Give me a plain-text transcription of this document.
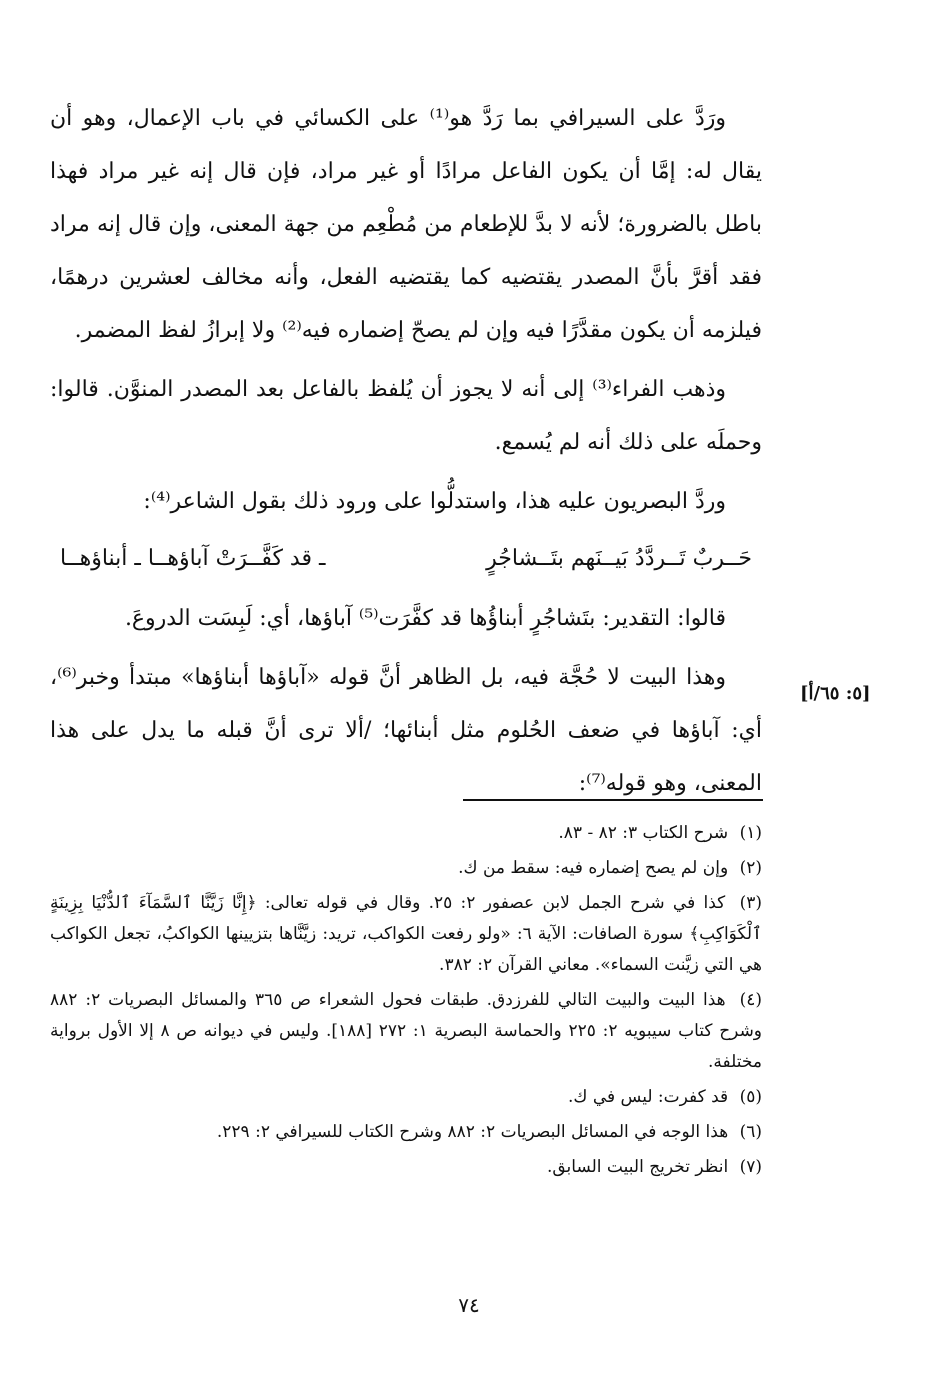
ورَدَّ على السيرافي بما رَدَّ هو⁽¹⁾ على الكسائي في باب الإعمال، وهو أن يقال له: إمَّا أن يكون الفاعل مرادًا أو غير مراد، فإن قال إنه غير مراد فهذا باطل بالضرورة؛ لأنه لا بدَّ للإطعام من مُطْعِم من جهة المعنى، وإن قال إنه مراد فقد أقرَّ بأنَّ المصدر يقتضيه كما يقتضيه الفعل، وأنه مخالف لعشرين درهمًا، فيلزمه أن يكون مقدَّرًا فيه وإن لم يصحّ إضماره فيه⁽²⁾ ولا إبرازُ لفظ المضمر.

وذهب الفراء⁽³⁾ إلى أنه لا يجوز أن يُلفظ بالفاعل بعد المصدر المنوَّن. قالوا: وحملَه على ذلك أنه لم يُسمع.

وردَّ البصريون عليه هذا، واستدلُّوا على ورود ذلك بقول الشاعر⁽⁴⁾:

حَــربٌ تَــردَّدُ بَيــنَهم بتَــشاجُرٍ
ـ قد كَفَّــرَتْ آباؤهــا ـ أبناؤهــا

قالوا: التقدير: بتَشاجُرٍ أبناؤُها قد كفَّرَت⁽⁵⁾ آباؤها، أي: لَبِسَت الدروعَ.

وهذا البيت لا حُجَّة فيه، بل الظاهر أنَّ قوله «آباؤها أبناؤها» مبتدأ وخبر⁽⁶⁾، أي: آباؤها في ضعف الحُلوم مثل أبنائها؛ /ألا ترى أنَّ قبله ما يدل على هذا المعنى، وهو قوله⁽⁷⁾:

[٥: ٦٥/أ]
(١) شرح الكتاب ٣: ٨٢ - ٨٣.
(٢) وإن لم يصح إضماره فيه: سقط من ك.
(٣) كذا في شرح الجمل لابن عصفور ٢: ٢٥. وقال في قوله تعالى: ﴿إِنَّا زَيَّنَّا ٱلسَّمَآءَ ٱلدُّنْيَا بِزِينَةٍ ٱلْكَوَاكِبِ﴾ سورة الصافات: الآية ٦: «ولو رفعت الكواكب، تريد: زيَّنَّاها بتزيينها الكواكبُ، تجعل الكواكب هي التي زيَّنت السماء». معاني القرآن ٢: ٣٨٢.
(٤) هذا البيت والبيت التالي للفرزدق. طبقات فحول الشعراء ص ٣٦٥ والمسائل البصريات ٢: ٨٨٢ وشرح كتاب سيبويه ٢: ٢٢٥ والحماسة البصرية ١: ٢٧٢ [١٨٨]. وليس في ديوانه ص ٨ إلا الأول برواية مختلفة.
(٥) قد كفرت: ليس في ك.
(٦) هذا الوجه في المسائل البصريات ٢: ٨٨٢ وشرح الكتاب للسيرافي ٢: ٢٢٩.
(٧) انظر تخريج البيت السابق.
٧٤
